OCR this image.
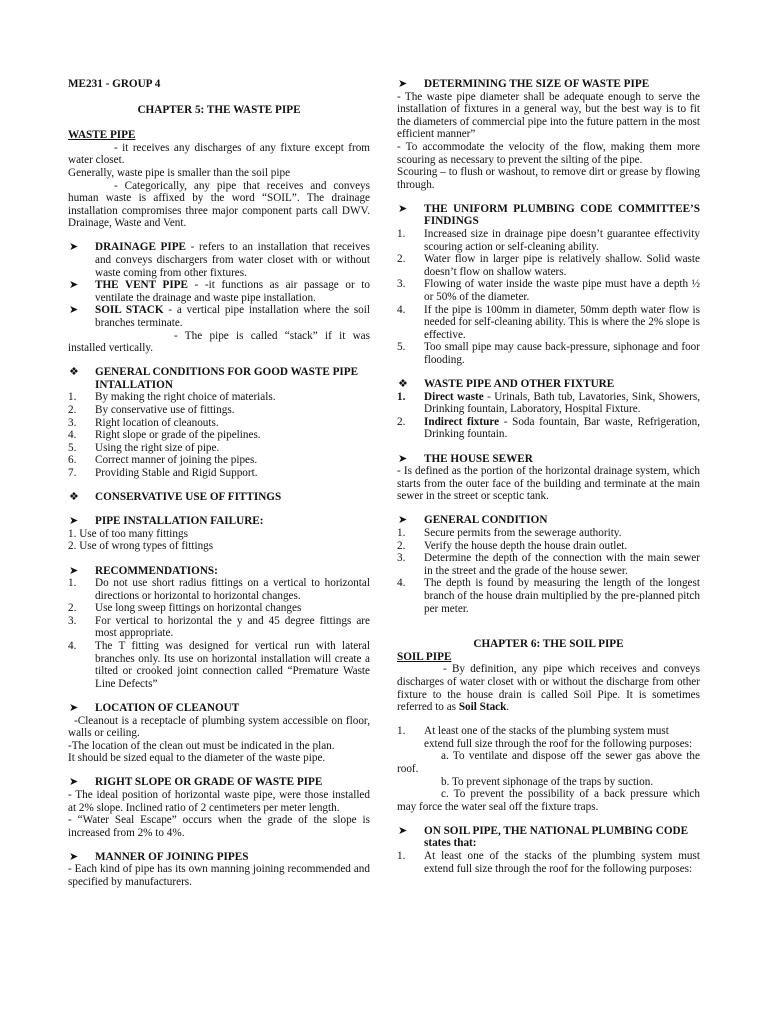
ME231 - GROUP 4

CHAPTER 5: THE WASTE PIPE

WASTE PIPE

- it receives any discharges of any fixture except from water closet.

Generally, waste pipe is smaller than the soil pipe

- Categorically, any pipe that receives and conveys human waste is affixed by the word “SOIL”. The drainage installation compromises three major component parts call DWV. Drainage, Waste and Vent.

➤ DRAINAGE PIPE - refers to an installation that receives and conveys dischargers from water closet with or without waste coming from other fixtures.
➤ THE VENT PIPE - -it functions as air passage or to ventilate the drainage and waste pipe installation.
➤ SOIL STACK - a vertical pipe installation where the soil branches terminate.

- The pipe is called “stack” if it was installed vertically.

❖ GENERAL CONDITIONS FOR GOOD WASTE PIPE INTALLATION
1. By making the right choice of materials.
2. By conservative use of fittings.
3. Right location of cleanouts.
4. Right slope or grade of the pipelines.
5. Using the right size of pipe.
6. Correct manner of joining the pipes.
7. Providing Stable and Rigid Support.
❖ CONSERVATIVE USE OF FITTINGS
➤ PIPE INSTALLATION FAILURE:

1. Use of too many fittings

2. Use of wrong types of fittings

➤ RECOMMENDATIONS:
1. Do not use short radius fittings on a vertical to horizontal directions or horizontal to horizontal changes.
2. Use long sweep fittings on horizontal changes
3. For vertical to horizontal the y and 45 degree fittings are most appropriate.
4. The T fitting was designed for vertical run with lateral branches only. Its use on horizontal installation will create a tilted or crooked joint connection called “Premature Waste Line Defects”
➤ LOCATION OF CLEANOUT

-Cleanout is a receptacle of plumbing system accessible on floor, walls or ceiling.

-The location of the clean out must be indicated in the plan.

It should be sized equal to the diameter of the waste pipe.

➤ RIGHT SLOPE OR GRADE OF WASTE PIPE

- The ideal position of horizontal waste pipe, were those installed at 2% slope. Inclined ratio of 2 centimeters per meter length.

- “Water Seal Escape” occurs when the grade of the slope is increased from 2% to 4%.

➤ MANNER OF JOINING PIPES

- Each kind of pipe has its own manning joining recommended and specified by manufacturers.

➤ DETERMINING THE SIZE OF WASTE PIPE

- The waste pipe diameter shall be adequate enough to serve the installation of fixtures in a general way, but the best way is to fit the diameters of commercial pipe into the future pattern in the most efficient manner”

- To accommodate the velocity of the flow, making them more scouring as necessary to prevent the silting of the pipe.

Scouring – to flush or washout, to remove dirt or grease by flowing through.

➤ THE UNIFORM PLUMBING CODE COMMITTEE’S FINDINGS
1. Increased size in drainage pipe doesn’t guarantee effectivity scouring action or self-cleaning ability.
2. Water flow in larger pipe is relatively shallow. Solid waste doesn’t flow on shallow waters.
3. Flowing of water inside the waste pipe must have a depth ½ or 50% of the diameter.
4. If the pipe is 100mm in diameter, 50mm depth water flow is needed for self-cleaning ability. This is where the 2% slope is effective.
5. Too small pipe may cause back-pressure, siphonage and foor flooding.
❖ WASTE PIPE AND OTHER FIXTURE
1. Direct waste - Urinals, Bath tub, Lavatories, Sink, Showers, Drinking fountain, Laboratory, Hospital Fixture.
2. Indirect fixture - Soda fountain, Bar waste, Refrigeration, Drinking fountain.
➤ THE HOUSE SEWER

- Is defined as the portion of the horizontal drainage system, which starts from the outer face of the building and terminate at the main sewer in the street or sceptic tank.

➤ GENERAL CONDITION
1. Secure permits from the sewerage authority.
2. Verify the house depth the house drain outlet.
3. Determine the depth of the connection with the main sewer in the street and the grade of the house sewer.
4. The depth is found by measuring the length of the longest branch of the house drain multiplied by the pre-planned pitch per meter.

CHAPTER 6: THE SOIL PIPE

SOIL PIPE

- By definition, any pipe which receives and conveys discharges of water closet with or without the discharge from other fixture to the house drain is called Soil Pipe. It is sometimes referred to as Soil Stack.

1. At least one of the stacks of the plumbing system must extend full size through the roof for the following purposes:

a. To ventilate and dispose off the sewer gas above the roof.

b. To prevent siphonage of the traps by suction.

c. To prevent the possibility of a back pressure which may force the water seal off the fixture traps.

➤ ON SOIL PIPE, THE NATIONAL PLUMBING CODE states that:
1. At least one of the stacks of the plumbing system must extend full size through the roof for the following purposes:
